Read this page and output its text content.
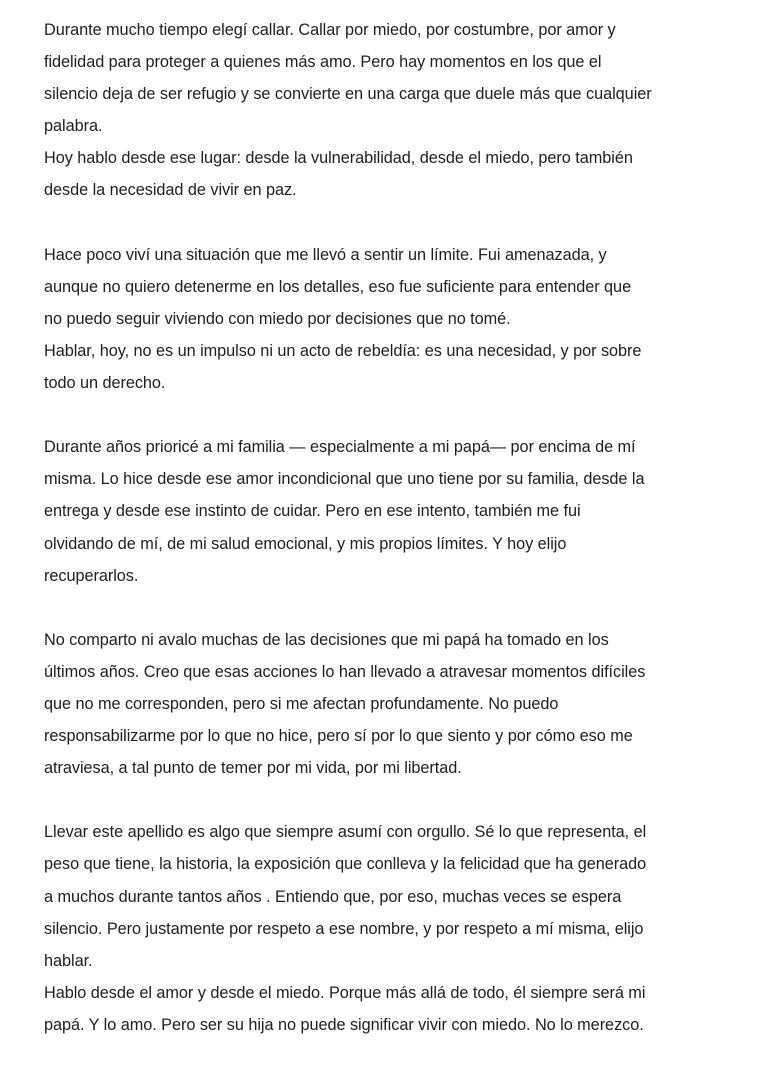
Durante mucho tiempo elegí callar. Callar por miedo, por costumbre, por amor y
fidelidad para proteger a quienes más amo. Pero hay momentos en los que el
silencio deja de ser refugio y se convierte en una carga que duele más que cualquier
palabra.
Hoy hablo desde ese lugar: desde la vulnerabilidad, desde el miedo, pero también
desde la necesidad de vivir en paz.
Hace poco viví una situación que me llevó a sentir un límite. Fui amenazada, y
aunque no quiero detenerme en los detalles, eso fue suficiente para entender que
no puedo seguir viviendo con miedo por decisiones que no tomé.
Hablar, hoy, no es un impulso ni un acto de rebeldía: es una necesidad, y por sobre
todo un derecho.
Durante años prioricé a mi familia — especialmente a mi papá— por encima de mí
misma. Lo hice desde ese amor incondicional que uno tiene por su familia, desde la
entrega y desde ese instinto de cuidar. Pero en ese intento, también me fui
olvidando de mí, de mi salud emocional, y mis propios límites. Y hoy elijo
recuperarlos.
No comparto ni avalo muchas de las decisiones que mi papá ha tomado en los
últimos años. Creo que esas acciones lo han llevado a atravesar momentos difíciles
que no me corresponden, pero si me afectan profundamente. No puedo
responsabilizarme por lo que no hice, pero sí por lo que siento y por cómo eso me
atraviesa, a tal punto de temer por mi vida, por mi libertad.
Llevar este apellido es algo que siempre asumí con orgullo. Sé lo que representa, el
peso que tiene, la historia, la exposición que conlleva y la felicidad que ha generado
a muchos durante tantos años . Entiendo que, por eso, muchas veces se espera
silencio. Pero justamente por respeto a ese nombre, y por respeto a mí misma, elijo
hablar.
Hablo desde el amor y desde el miedo. Porque más allá de todo, él siempre será mi
papá. Y lo amo. Pero ser su hija no puede significar vivir con miedo. No lo merezco.
